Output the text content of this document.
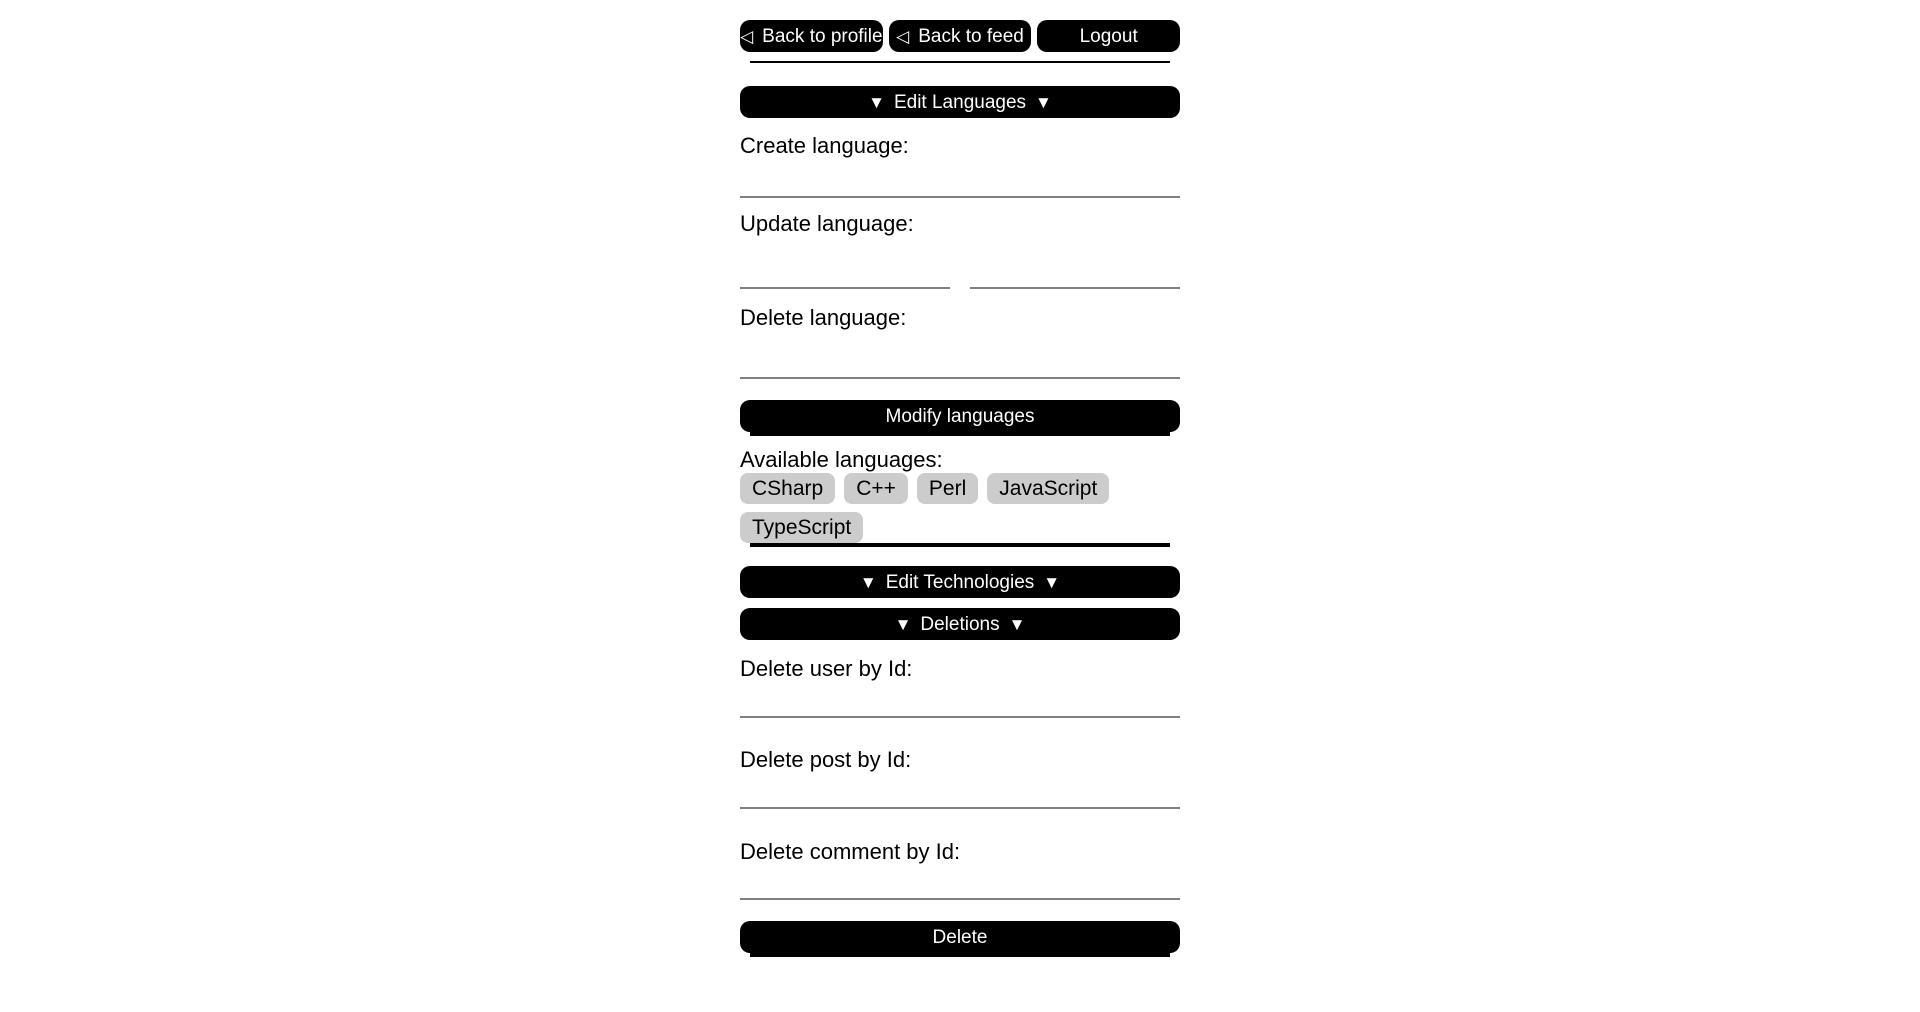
◁ Back to profile ◁ Back to feed	Logout
▼ Edit Languages ▼
Create language:
Update language:
Delete language:
Modify languages
Available languages:
CSharp	C++	Perl	JavaScript
TypeScript
▼ Edit Technologies ▼
▼ Deletions ▼
Delete user by Id:
Delete post by Id:
Delete comment by Id:
Delete
